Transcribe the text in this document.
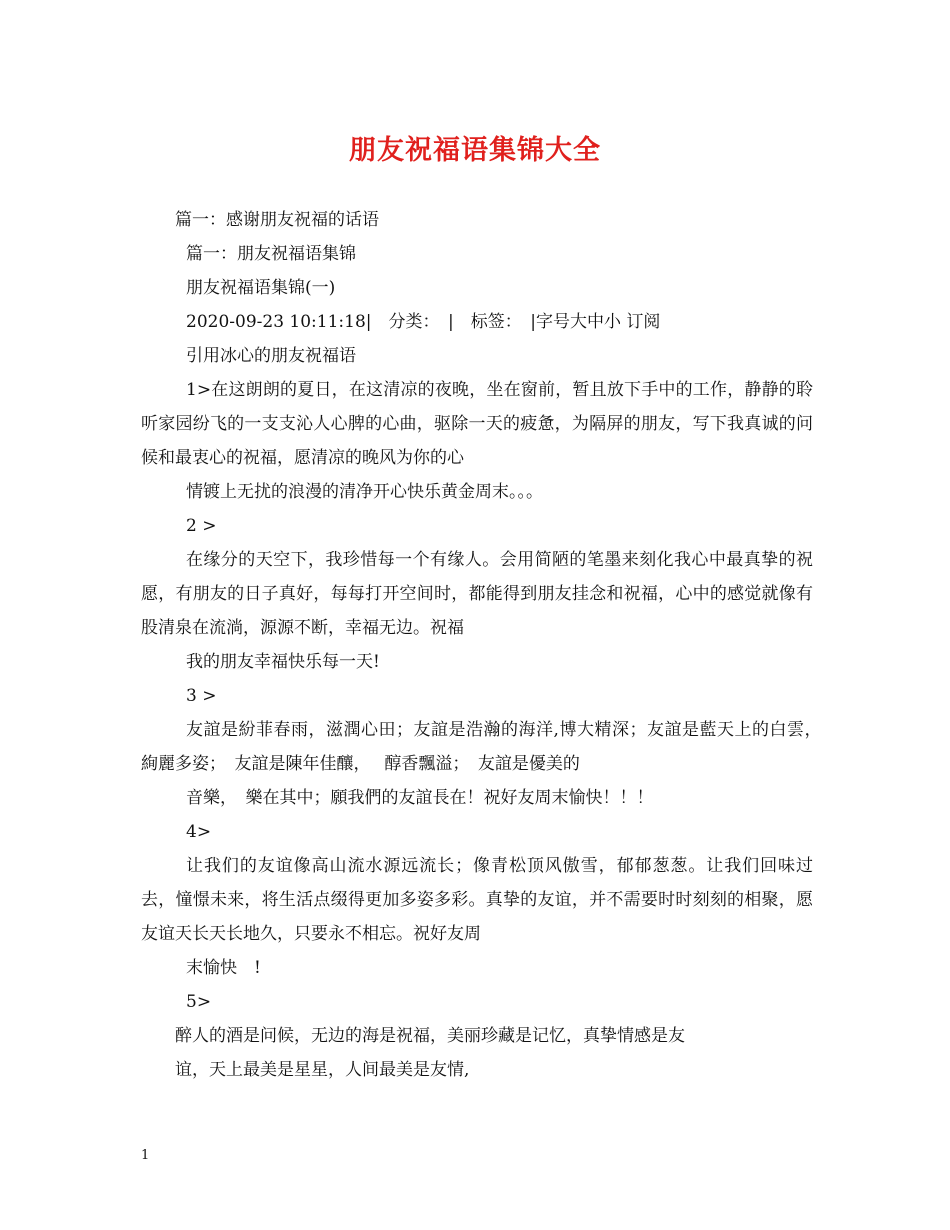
朋友祝福语集锦大全

篇一：感谢朋友祝福的话语

篇一：朋友祝福语集锦

朋友祝福语集锦(一)

2020-09-23 10:11:18|　分类：　|　标签：　|字号大中小 订阅

引用冰心的朋友祝福语

1>在这朗朗的夏日，在这清凉的夜晚，坐在窗前，暂且放下手中的工作，静静的聆听家园纷飞的一支支沁人心脾的心曲，驱除一天的疲惫，为隔屏的朋友，写下我真诚的问候和最衷心的祝福，愿清凉的晚风为你的心

情镀上无扰的浪漫的清净开心快乐黄金周末。。。

2 >

在缘分的天空下，我珍惜每一个有缘人。会用简陋的笔墨来刻化我心中最真挚的祝愿，有朋友的日子真好，每每打开空间时，都能得到朋友挂念和祝福，心中的感觉就像有股清泉在流淌，源源不断，幸福无边。祝福

我的朋友幸福快乐每一天!

3 >

友誼是紛菲春雨，滋潤心田；友誼是浩瀚的海洋,博大精深；友誼是藍天上的白雲，　絢麗多姿；　友誼是陳年佳釀，　 醇香飄溢；　友誼是優美的

音樂，　樂在其中；願我們的友誼長在！祝好友周末愉快！！！

4>

让我们的友谊像高山流水源远流长；像青松顶风傲雪，郁郁葱葱。让我们回味过去，憧憬未来，将生活点缀得更加多姿多彩。真挚的友谊，并不需要时时刻刻的相聚，愿友谊天长天长地久，只要永不相忘。祝好友周

末愉快　!

5>

醉人的酒是问候，无边的海是祝福，美丽珍藏是记忆，真挚情感是友

谊，天上最美是星星，人间最美是友情,

1
